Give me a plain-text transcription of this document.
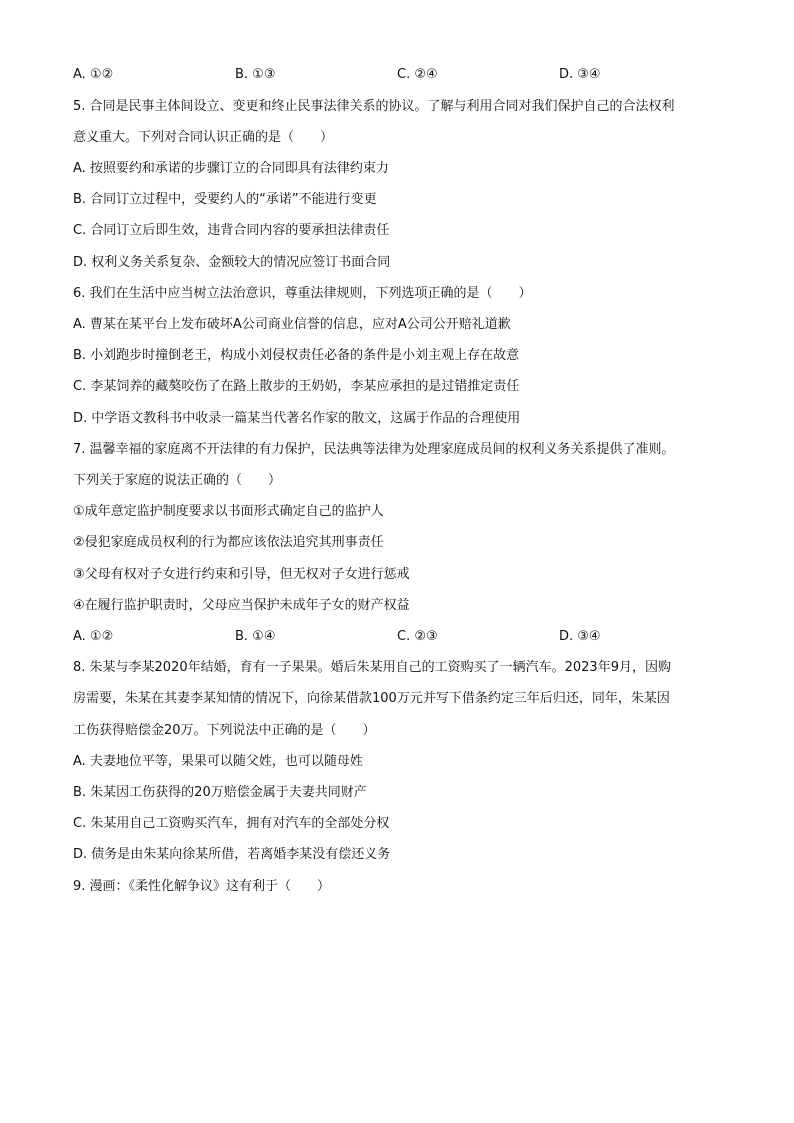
A. ①②	B. ①③	C. ②④	D. ③④
5. 合同是民事主体间设立、变更和终止民事法律关系的协议。了解与利用合同对我们保护自己的合法权利
意义重大。下列对合同认识正确的是（　　）
A. 按照要约和承诺的步骤订立的合同即具有法律约束力
B. 合同订立过程中，受要约人的“承诺”不能进行变更
C. 合同订立后即生效，违背合同内容的要承担法律责任
D. 权利义务关系复杂、金额较大的情况应签订书面合同
6. 我们在生活中应当树立法治意识，尊重法律规则，下列选项正确的是（　　）
A. 曹某在某平台上发布破坏A公司商业信誉的信息，应对A公司公开赔礼道歉
B. 小刘跑步时撞倒老王，构成小刘侵权责任必备的条件是小刘主观上存在故意
C. 李某饲养的藏獒咬伤了在路上散步的王奶奶，李某应承担的是过错推定责任
D. 中学语文教科书中收录一篇某当代著名作家的散文，这属于作品的合理使用
7. 温馨幸福的家庭离不开法律的有力保护，民法典等法律为处理家庭成员间的权利义务关系提供了准则。
下列关于家庭的说法正确的（　　）
①成年意定监护制度要求以书面形式确定自己的监护人
②侵犯家庭成员权利的行为都应该依法追究其刑事责任
③父母有权对子女进行约束和引导，但无权对子女进行惩戒
④在履行监护职责时，父母应当保护未成年子女的财产权益
A. ①②	B. ①④	C. ②③	D. ③④
8. 朱某与李某2020年结婚，育有一子果果。婚后朱某用自己的工资购买了一辆汽车。2023年9月，因购
房需要，朱某在其妻李某知情的情况下，向徐某借款100万元并写下借条约定三年后归还，同年，朱某因
工伤获得赔偿金20万。下列说法中正确的是（　　）
A. 夫妻地位平等，果果可以随父姓，也可以随母姓
B. 朱某因工伤获得的20万赔偿金属于夫妻共同财产
C. 朱某用自己工资购买汽车，拥有对汽车的全部处分权
D. 债务是由朱某向徐某所借，若离婚李某没有偿还义务
9. 漫画：《柔性化解争议》这有利于（　　）
